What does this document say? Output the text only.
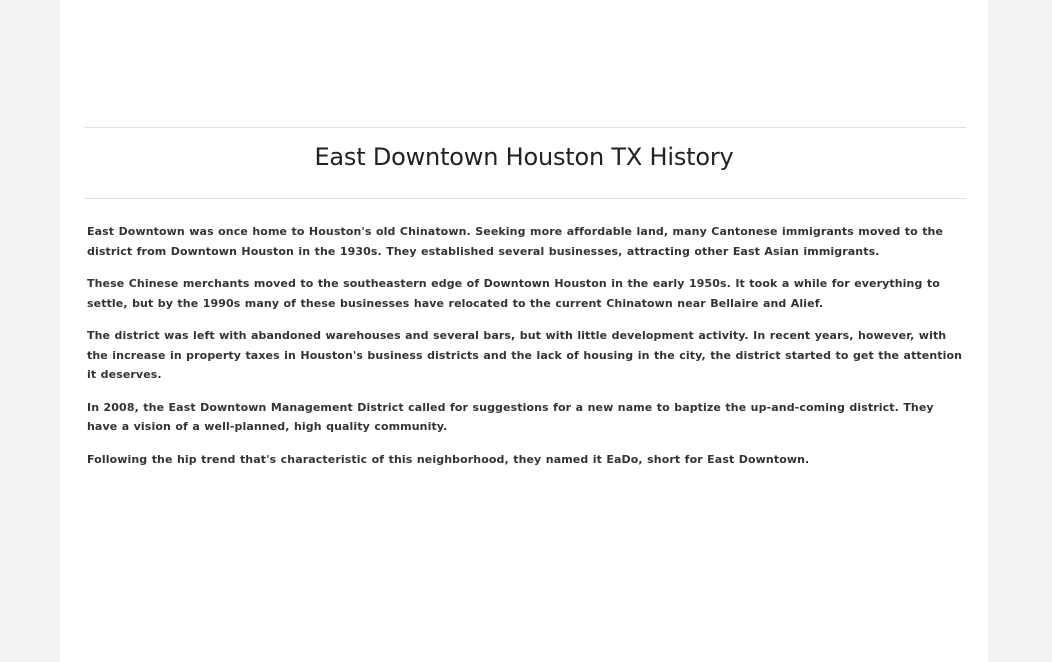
East Downtown Houston TX History

East Downtown was once home to Houston's old Chinatown. Seeking more affordable land, many Cantonese immigrants moved to the district from Downtown Houston in the 1930s. They established several businesses, attracting other East Asian immigrants.

These Chinese merchants moved to the southeastern edge of Downtown Houston in the early 1950s. It took a while for everything to settle, but by the 1990s many of these businesses have relocated to the current Chinatown near Bellaire and Alief.

The district was left with abandoned warehouses and several bars, but with little development activity. In recent years, however, with the increase in property taxes in Houston's business districts and the lack of housing in the city, the district started to get the attention it deserves.

In 2008, the East Downtown Management District called for suggestions for a new name to baptize the up-and-coming district. They have a vision of a well-planned, high quality community.

Following the hip trend that's characteristic of this neighborhood, they named it EaDo, short for East Downtown.
